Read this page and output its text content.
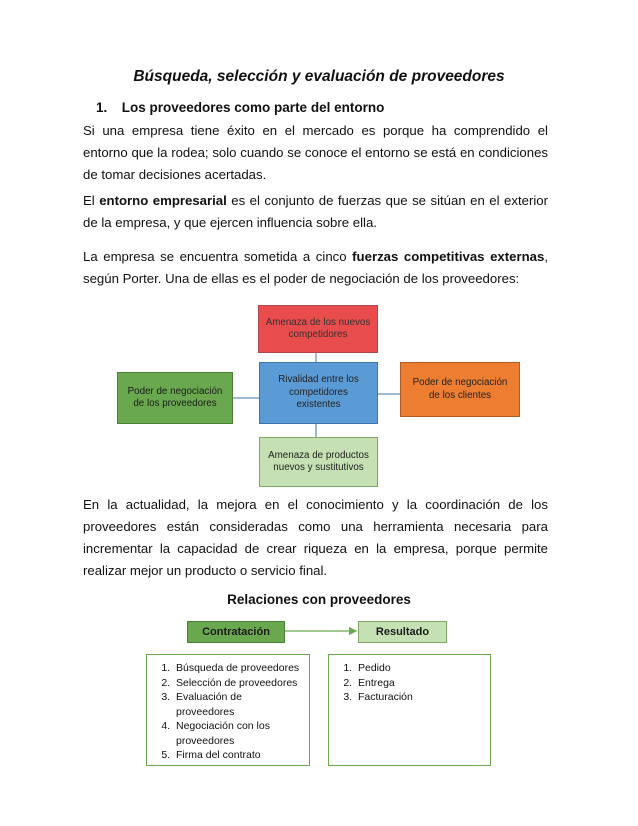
Búsqueda, selección y evaluación de proveedores
1. Los proveedores como parte del entorno

Si una empresa tiene éxito en el mercado es porque ha comprendido el entorno que la rodea; solo cuando se conoce el entorno se está en condiciones de tomar decisiones acertadas.

El entorno empresarial es el conjunto de fuerzas que se sitúan en el exterior de la empresa, y que ejercen influencia sobre ella.

La empresa se encuentra sometida a cinco fuerzas competitivas externas, según Porter. Una de ellas es el poder de negociación de los proveedores:

Amenaza de los nuevos competidores
Rivalidad entre los competidores existentes
Poder de negociación de los proveedores
Poder de negociación de los clientes
Amenaza de productos nuevos y sustitutivos

En la actualidad, la mejora en el conocimiento y la coordinación de los proveedores están consideradas como una herramienta necesaria para incrementar la capacidad de crear riqueza en la empresa, porque permite realizar mejor un producto o servicio final.

Relaciones con proveedores
Contratación	Resultado
1. Búsqueda de proveedores
2. Selección de proveedores
3. Evaluación de proveedores
4. Negociación con los proveedores
5. Firma del contrato
1. Pedido
2. Entrega
3. Facturación
